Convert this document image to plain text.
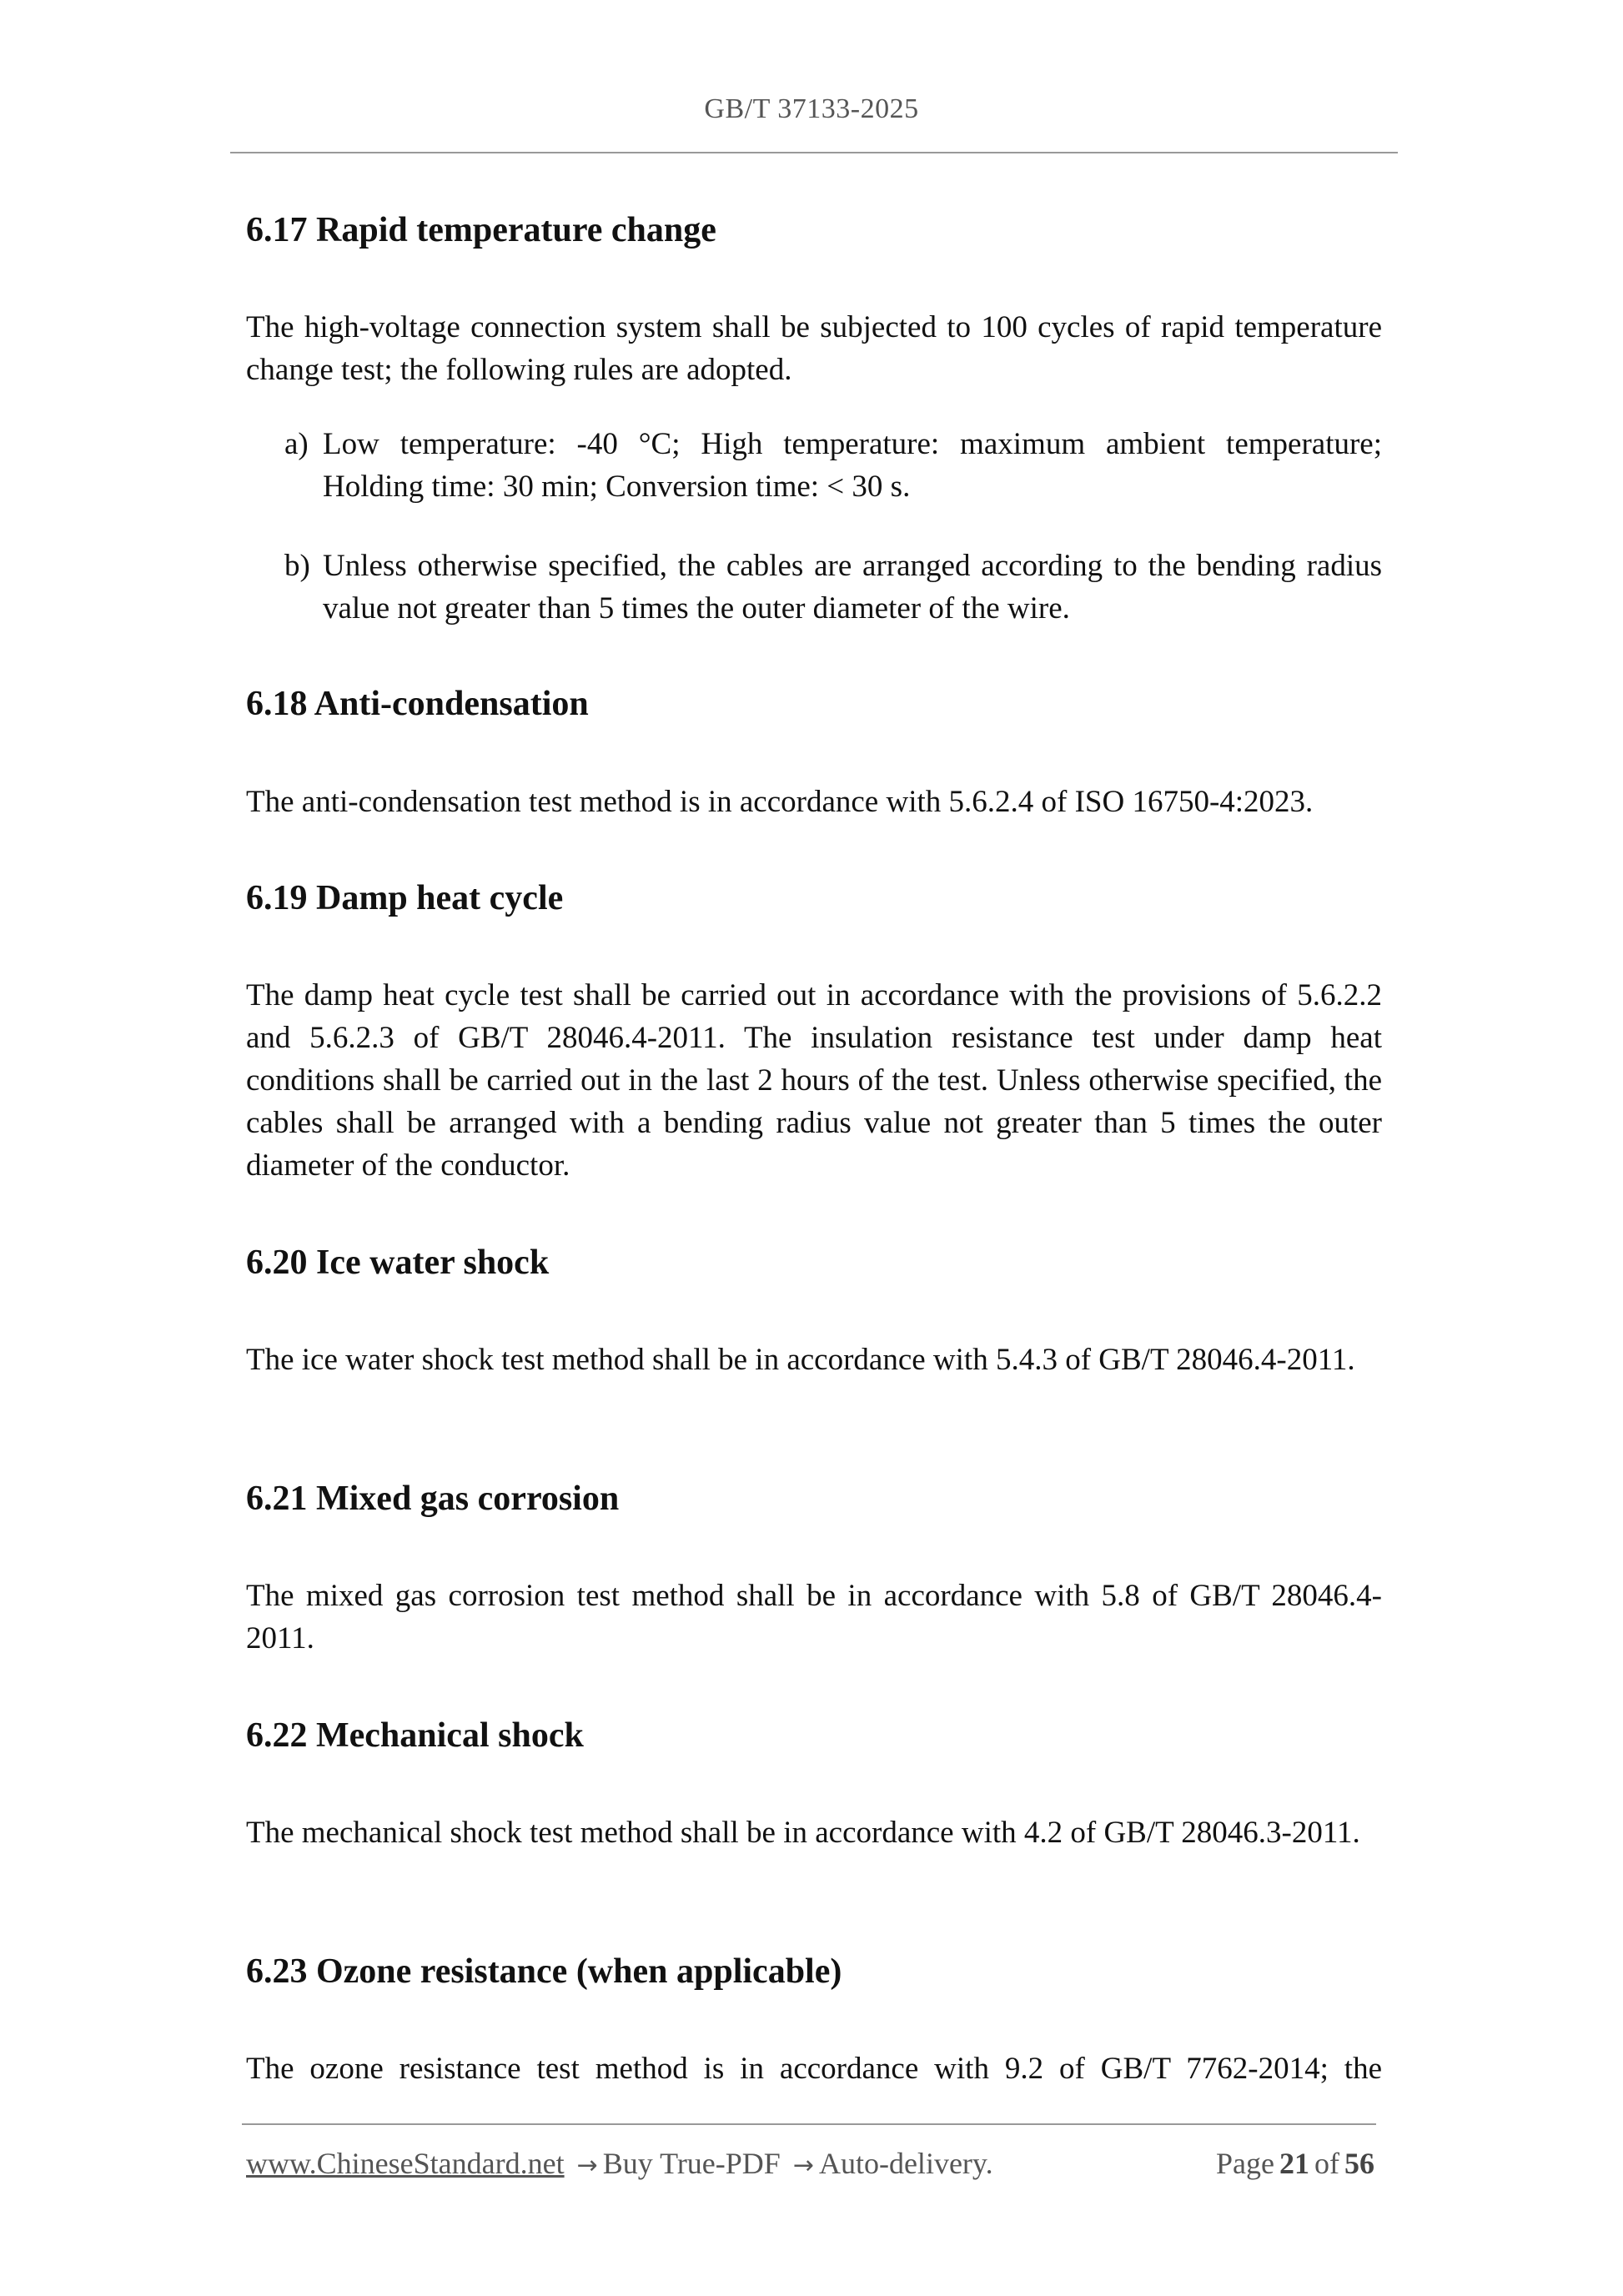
GB/T 37133-2025
6.17 Rapid temperature change
The high-voltage connection system shall be subjected to 100 cycles of rapid temperature change test; the following rules are adopted.
a) Low temperature: -40 °C; High temperature: maximum ambient temperature; Holding time: 30 min; Conversion time: < 30 s.
b) Unless otherwise specified, the cables are arranged according to the bending radius value not greater than 5 times the outer diameter of the wire.
6.18 Anti-condensation
The anti-condensation test method is in accordance with 5.6.2.4 of ISO 16750-4:2023.
6.19 Damp heat cycle
The damp heat cycle test shall be carried out in accordance with the provisions of 5.6.2.2 and 5.6.2.3 of GB/T 28046.4-2011. The insulation resistance test under damp heat conditions shall be carried out in the last 2 hours of the test. Unless otherwise specified, the cables shall be arranged with a bending radius value not greater than 5 times the outer diameter of the conductor.
6.20 Ice water shock
The ice water shock test method shall be in accordance with 5.4.3 of GB/T 28046.4-2011.
6.21 Mixed gas corrosion
The mixed gas corrosion test method shall be in accordance with 5.8 of GB/T 28046.4-2011.
6.22 Mechanical shock
The mechanical shock test method shall be in accordance with 4.2 of GB/T 28046.3-2011.
6.23 Ozone resistance (when applicable)
The ozone resistance test method is in accordance with 9.2 of GB/T 7762-2014; the
www.ChineseStandard.net → Buy True-PDF → Auto-delivery.	Page 21 of 56
